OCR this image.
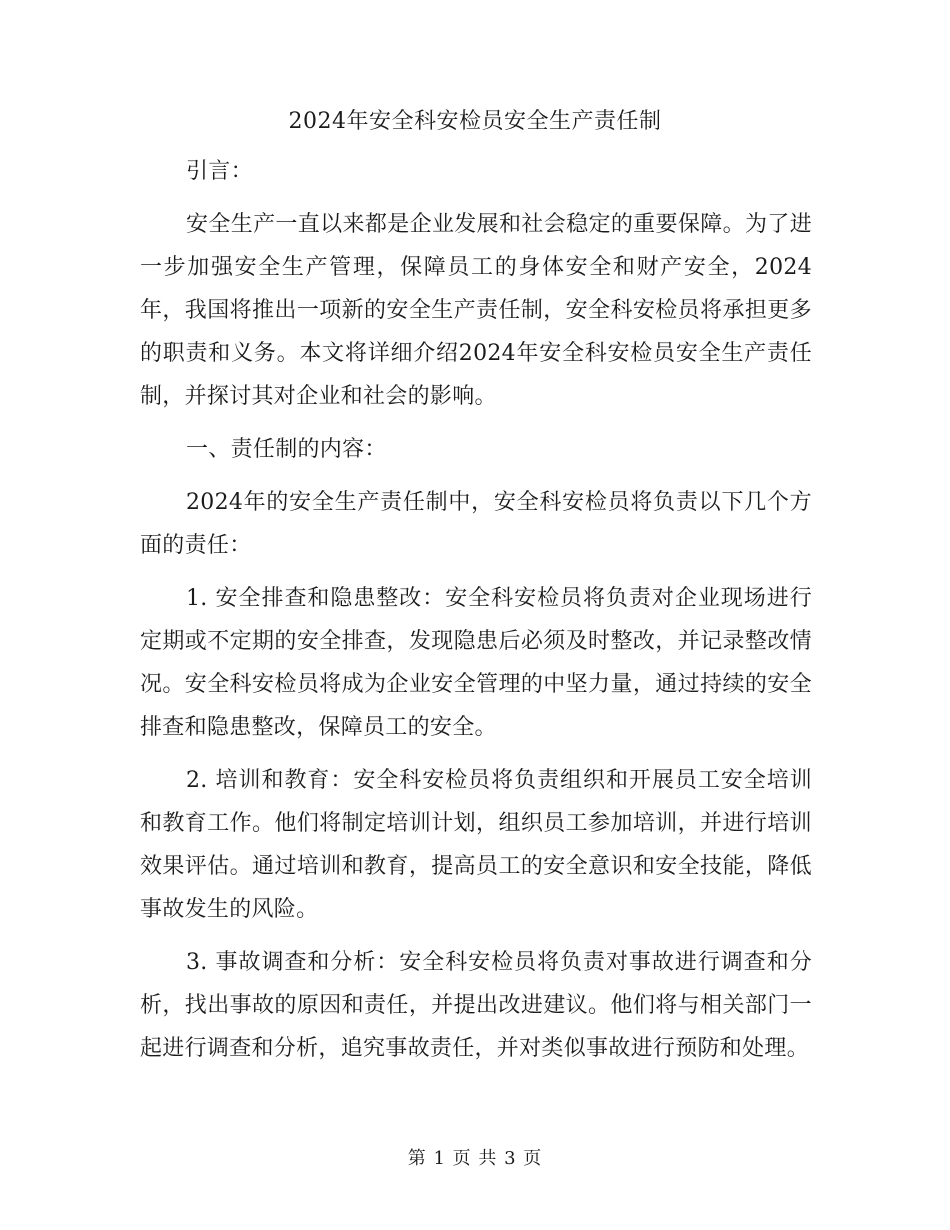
2024年安全科安检员安全生产责任制

引言：

安全生产一直以来都是企业发展和社会稳定的重要保障。为了进一步加强安全生产管理，保障员工的身体安全和财产安全，2024年，我国将推出一项新的安全生产责任制，安全科安检员将承担更多的职责和义务。本文将详细介绍2024年安全科安检员安全生产责任制，并探讨其对企业和社会的影响。

一、责任制的内容：

2024年的安全生产责任制中，安全科安检员将负责以下几个方面的责任：

1. 安全排查和隐患整改：安全科安检员将负责对企业现场进行定期或不定期的安全排查，发现隐患后必须及时整改，并记录整改情况。安全科安检员将成为企业安全管理的中坚力量，通过持续的安全排查和隐患整改，保障员工的安全。

2. 培训和教育：安全科安检员将负责组织和开展员工安全培训和教育工作。他们将制定培训计划，组织员工参加培训，并进行培训效果评估。通过培训和教育，提高员工的安全意识和安全技能，降低事故发生的风险。

3. 事故调查和分析：安全科安检员将负责对事故进行调查和分析，找出事故的原因和责任，并提出改进建议。他们将与相关部门一起进行调查和分析，追究事故责任，并对类似事故进行预防和处理。

第 1 页 共 3 页
